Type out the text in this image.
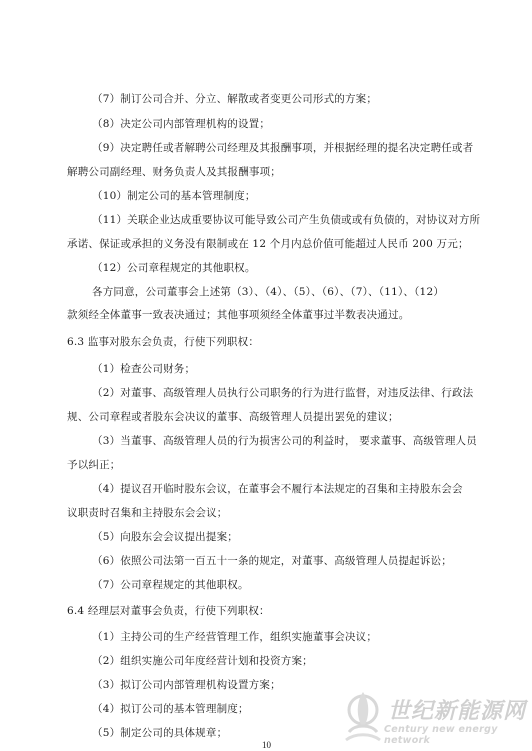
（7）制订公司合并、分立、解散或者变更公司形式的方案；
（8）决定公司内部管理机构的设置；
（9）决定聘任或者解聘公司经理及其报酬事项，并根据经理的提名决定聘任或者
解聘公司副经理、财务负责人及其报酬事项；
（10）制定公司的基本管理制度；
（11）关联企业达成重要协议可能导致公司产生负债或或有负债的，对协议对方所
承诺、保证或承担的义务没有限制或在 12 个月内总价值可能超过人民币 200 万元；
（12）公司章程规定的其他职权。
各方同意，公司董事会上述第（3）、（4）、（5）、（6）、（7）、（11）、（12）
款须经全体董事一致表决通过；其他事项须经全体董事过半数表决通过。
6.3 监事对股东会负责，行使下列职权：
（1）检查公司财务；
（2）对董事、高级管理人员执行公司职务的行为进行监督，对违反法律、行政法
规、公司章程或者股东会决议的董事、高级管理人员提出罢免的建议；
（3）当董事、高级管理人员的行为损害公司的利益时， 要求董事、高级管理人员
予以纠正；
（4）提议召开临时股东会议，在董事会不履行本法规定的召集和主持股东会会
议职责时召集和主持股东会会议；
（5）向股东会会议提出提案；
（6）依照公司法第一百五十一条的规定，对董事、高级管理人员提起诉讼；
（7）公司章程规定的其他职权。
6.4 经理层对董事会负责，行使下列职权：
（1）主持公司的生产经营管理工作，组织实施董事会决议；
（2）组织实施公司年度经营计划和投资方案；
（3）拟订公司内部管理机构设置方案；
（4）拟订公司的基本管理制度；
（5）制定公司的具体规章；
10
世纪新能源网
Century new energy network
